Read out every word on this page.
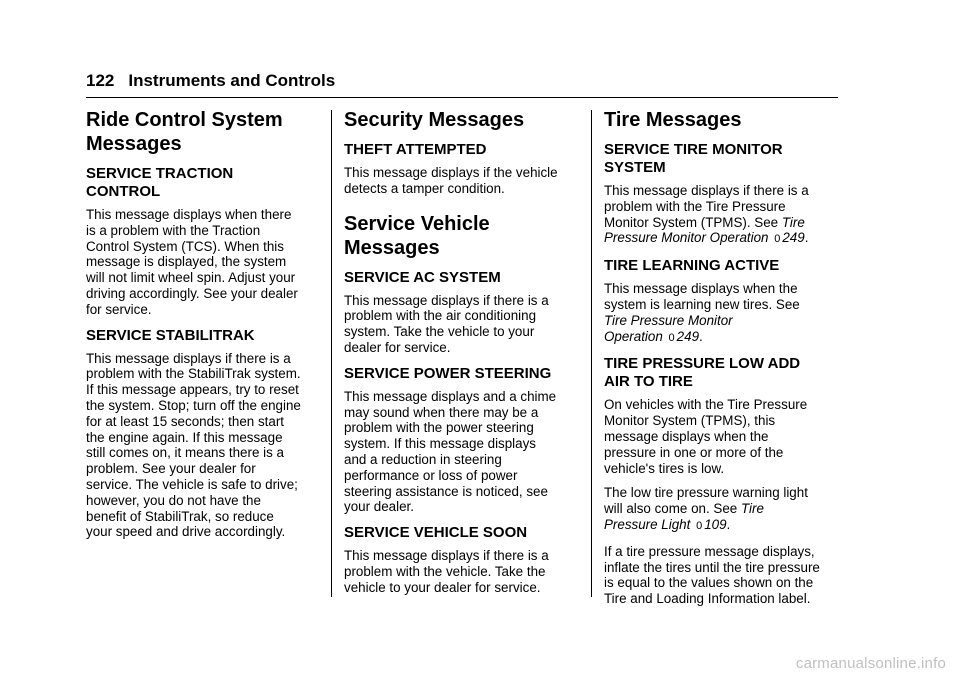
122 Instruments and Controls
Ride Control System
Messages
SERVICE TRACTION
CONTROL

This message displays when there
is a problem with the Traction
Control System (TCS). When this
message is displayed, the system
will not limit wheel spin. Adjust your
driving accordingly. See your dealer
for service.

SERVICE STABILITRAK

This message displays if there is a
problem with the StabiliTrak system.
If this message appears, try to reset
the system. Stop; turn off the engine
for at least 15 seconds; then start
the engine again. If this message
still comes on, it means there is a
problem. See your dealer for
service. The vehicle is safe to drive;
however, you do not have the
benefit of StabiliTrak, so reduce
your speed and drive accordingly.

Security Messages
THEFT ATTEMPTED

This message displays if the vehicle
detects a tamper condition.

Service Vehicle Messages
SERVICE AC SYSTEM

This message displays if there is a
problem with the air conditioning
system. Take the vehicle to your
dealer for service.

SERVICE POWER STEERING

This message displays and a chime
may sound when there may be a
problem with the power steering
system. If this message displays
and a reduction in steering
performance or loss of power
steering assistance is noticed, see
your dealer.

SERVICE VEHICLE SOON

This message displays if there is a
problem with the vehicle. Take the
vehicle to your dealer for service.

Tire Messages
SERVICE TIRE MONITOR
SYSTEM

This message displays if there is a
problem with the Tire Pressure
Monitor System (TPMS). See Tire
Pressure Monitor Operation 0 249.

TIRE LEARNING ACTIVE

This message displays when the
system is learning new tires. See
Tire Pressure Monitor
Operation 0 249.

TIRE PRESSURE LOW ADD
AIR TO TIRE

On vehicles with the Tire Pressure
Monitor System (TPMS), this
message displays when the
pressure in one or more of the
vehicle's tires is low.

The low tire pressure warning light
will also come on. See Tire
Pressure Light 0 109.

If a tire pressure message displays,
inflate the tires until the tire pressure
is equal to the values shown on the
Tire and Loading Information label.

carmanualsonline.info
